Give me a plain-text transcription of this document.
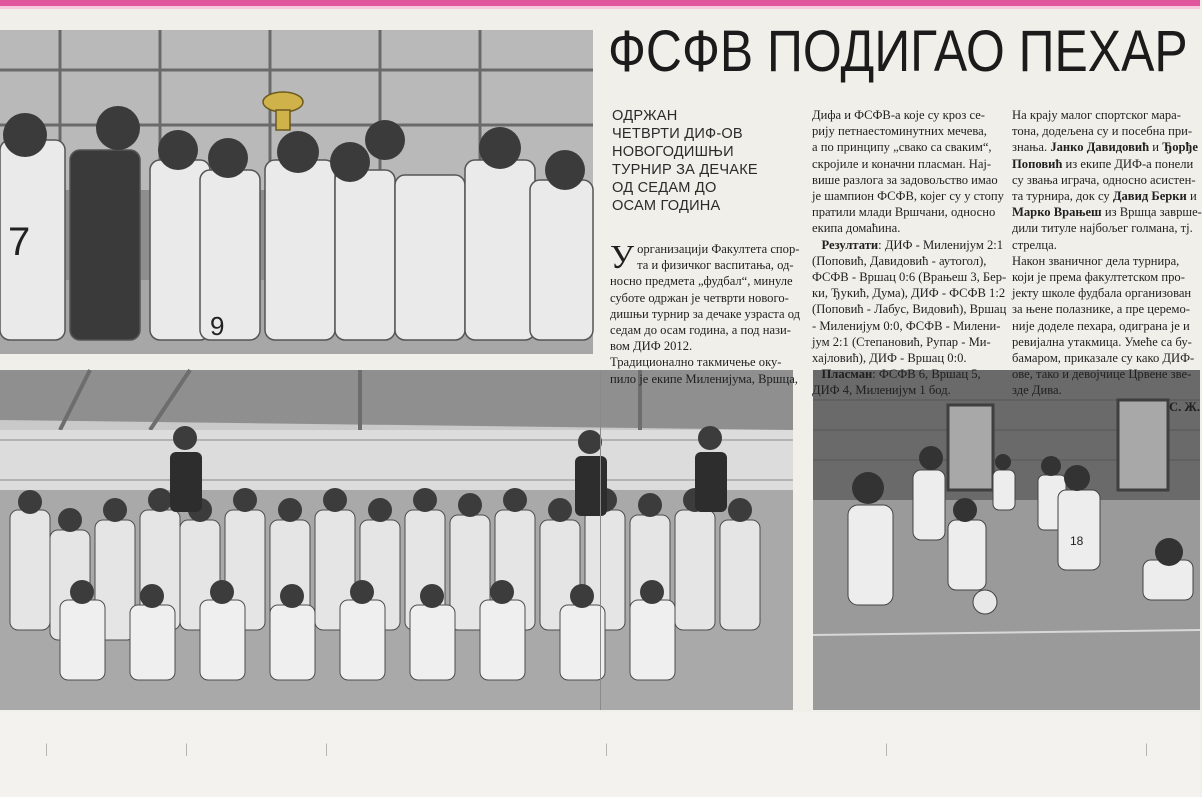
7
9
18
ФСФВ ПОДИГАО ПЕХАР
ОДРЖАН
ЧЕТВРТИ ДИФ-ОВ
НОВОГОДИШЊИ
ТУРНИР ЗА ДЕЧАКЕ
ОД СЕДАМ ДО
ОСАМ ГОДИНА
У организацији Факултета спор-
та и физичког васпитања, од-
носно предмета „фудбал“, минуле
суботе одржан је четврти нового-
дишњи турнир за дечаке узраста од
седам до осам година, а под нази-
вом ДИФ 2012.
Традиционално такмичење оку-
пило је екипе Миленијума, Вршца,
Дифа и ФСФВ-а које су кроз се-
рију петнаестоминутних мечева,
а по принципу „свако са сваким“,
скројиле и коначни пласман. Нај-
више разлога за задовољство имао
је шампион ФСФВ, којег су у стопу
пратили млади Вршчани, односно
екипа домаћина.
Резултати: ДИФ - Миленијум 2:1
(Поповић, Давидовић - аутогол),
ФСФВ - Вршац 0:6 (Врањеш 3, Бер-
ки, Ђукић, Дума), ДИФ - ФСФВ 1:2
(Поповић - Лабус, Видовић), Вршац
- Миленијум 0:0, ФСФВ - Милени-
јум 2:1 (Степановић, Рупар - Ми-
хајловић), ДИФ - Вршац 0:0.
Пласман: ФСФВ 6, Вршац 5,
ДИФ 4, Миленијум 1 бод.
На крају малог спортског мара-
тона, додељена су и посебна при-
знања. Јанко Давидовић и Ђорђе
Поповић из екипе ДИФ-а понели
су звања играча, односно асистен-
та турнира, док су Давид Берки и
Марко Врањеш из Вршца заврше-
дили титуле најбољег голмана, тј.
стрелца.
Након званичног дела турнира,
који је према факултетском про-
јекту школе фудбала организован
за њене полазнике, а пре церемо-
није доделе пехара, одиграна је и
ревијална утакмица. Умеће са бу-
бамаром, приказале су како ДИФ-
ове, тако и девојчице Црвене зве-
зде Дива.
С. Ж.
|	|	|	|	|	|
